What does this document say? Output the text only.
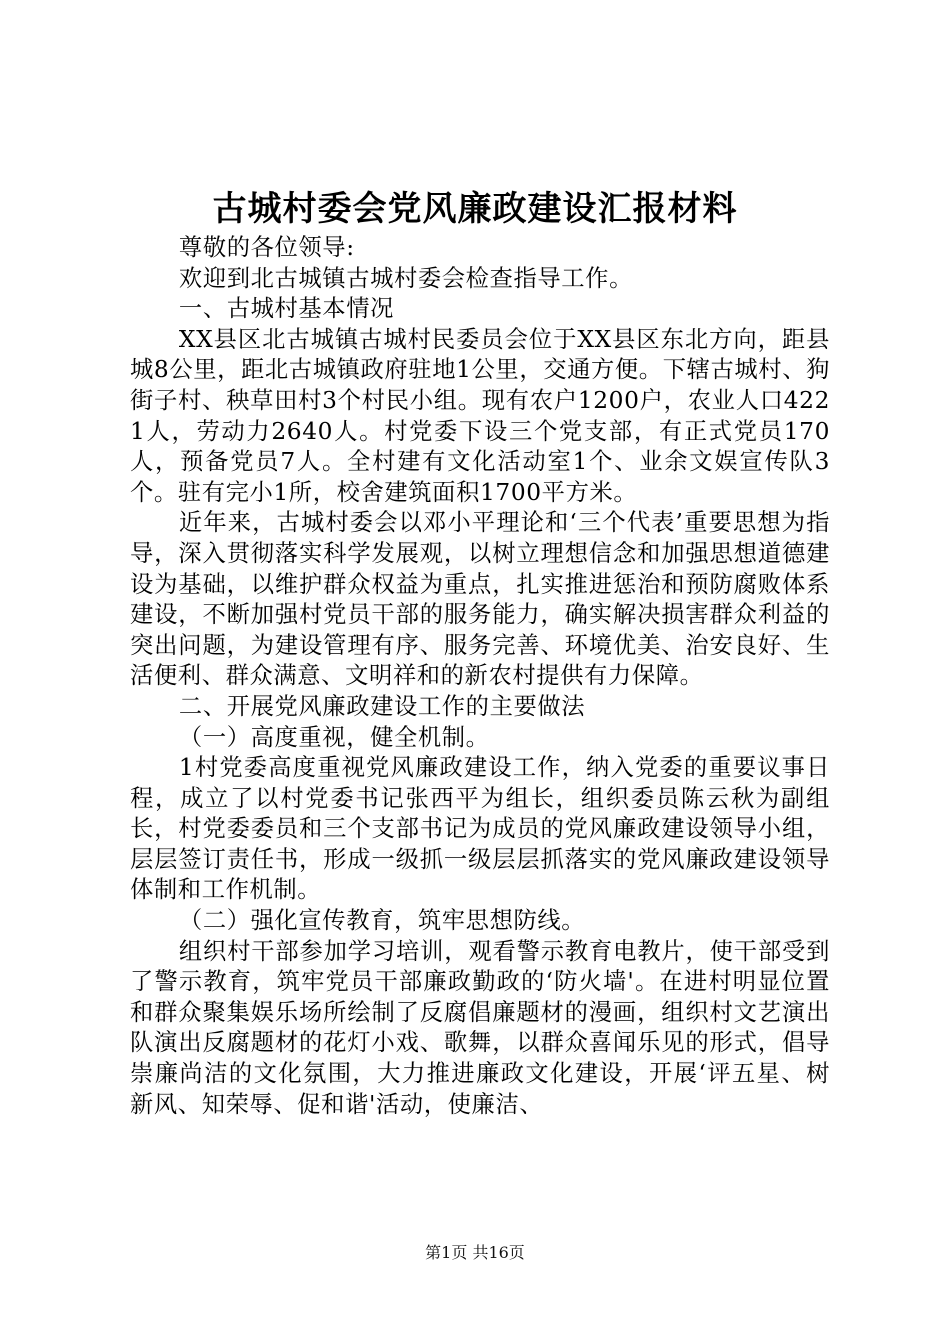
古城村委会党风廉政建设汇报材料

尊敬的各位领导:

欢迎到北古城镇古城村委会检查指导工作。

一、古城村基本情况

XX县区北古城镇古城村民委员会位于XX县区东北方向，距县城8公里，距北古城镇政府驻地1公里，交通方便。下辖古城村、狗街子村、秧草田村3个村民小组。现有农户1200户，农业人口4221人，劳动力2640人。村党委下设三个党支部，有正式党员170人，预备党员7人。全村建有文化活动室1个、业余文娱宣传队3个。驻有完小1所，校舍建筑面积1700平方米。

近年来，古城村委会以邓小平理论和‘三个代表’重要思想为指导，深入贯彻落实科学发展观，以树立理想信念和加强思想道德建设为基础，以维护群众权益为重点，扎实推进惩治和预防腐败体系建设，不断加强村党员干部的服务能力，确实解决损害群众利益的突出问题，为建设管理有序、服务完善、环境优美、治安良好、生活便利、群众满意、文明祥和的新农村提供有力保障。

二、开展党风廉政建设工作的主要做法

（一）高度重视，健全机制。

1村党委高度重视党风廉政建设工作，纳入党委的重要议事日程，成立了以村党委书记张西平为组长，组织委员陈云秋为副组长，村党委委员和三个支部书记为成员的党风廉政建设领导小组，层层签订责任书，形成一级抓一级层层抓落实的党风廉政建设领导体制和工作机制。

（二）强化宣传教育，筑牢思想防线。

组织村干部参加学习培训，观看警示教育电教片，使干部受到了警示教育，筑牢党员干部廉政勤政的‘防火墙'。在进村明显位置和群众聚集娱乐场所绘制了反腐倡廉题材的漫画，组织村文艺演出队演出反腐题材的花灯小戏、歌舞，以群众喜闻乐见的形式，倡导崇廉尚洁的文化氛围，大力推进廉政文化建设，开展‘评五星、树新风、知荣辱、促和谐'活动，使廉洁、

第1页 共16页
